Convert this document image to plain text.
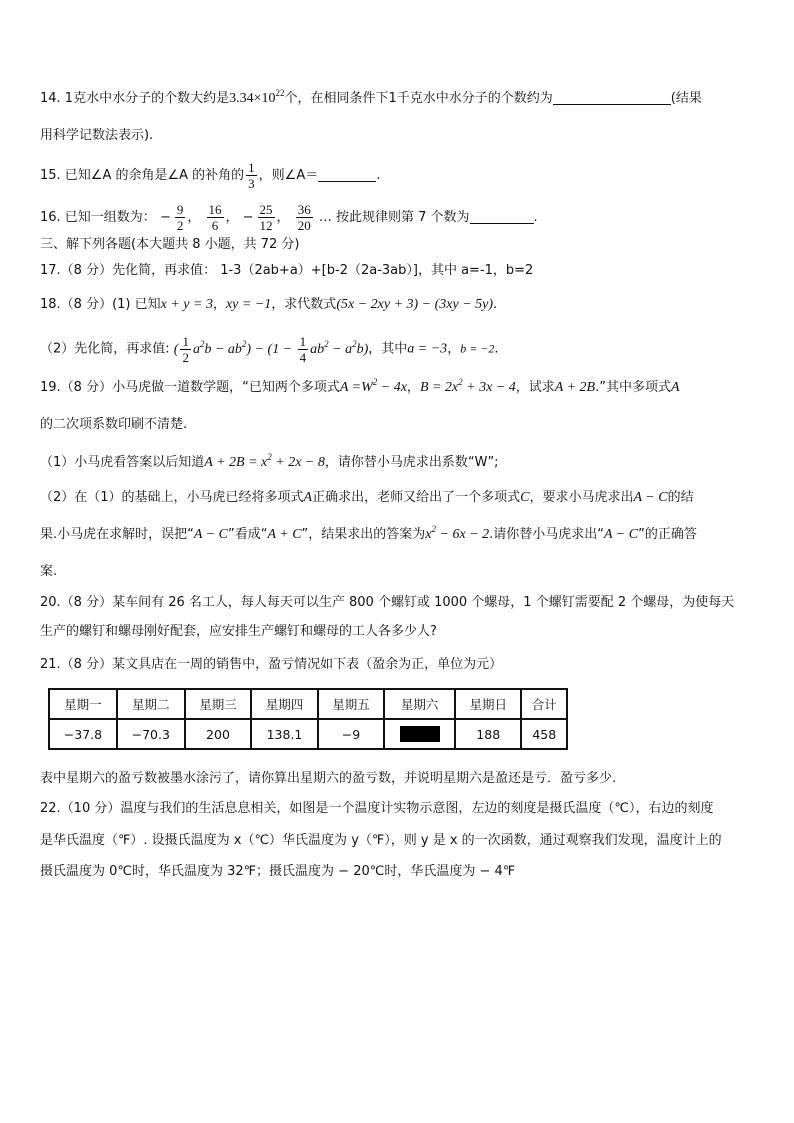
14. 1克水中水分子的个数大约是$3.34\times 10^{22}$个，在相同条件下1千克水中水分子的个数约为	(结果
用科学记数法表示).
15. 已知∠A 的余角是∠A 的补角的 $\frac{1}{3}$ ，则∠A＝	.
16. 已知一组数为： − $\frac{9}{2}$ ， $\frac{16}{6}$ ， − $\frac{25}{12}$ ， $\frac{36}{20}$ … 按此规律则第 7 个数为	.
三、解下列各题(本大题共 8 小题，共 72 分)
17.（8 分）先化简，再求值： 1-3（2ab+a）+[b-2（2a-3ab）]，其中 a=-1，b=2
18.（8 分）(1) 已知x + y = 3，xy = −1，求代数式(5x − 2xy + 3) − (3xy − 5y).
（2）先化简，再求值: ( $\frac{1}{2} a^2b - ab^2) - (1 - \frac{1}{4} ab^2 - a^2b)$，其中a = −3，b = −2.
19.（8 分）小马虎做一道数学题，“已知两个多项式$A =W^2 - 4x$，$B = 2x^2 + 3x - 4$，试求A + 2B.”其中多项式A
的二次项系数印刷不清楚.
（1）小马虎看答案以后知道$A + 2B = x^2 + 2x - 8$，请你替小马虎求出系数“W”;
（2）在（1）的基础上，小马虎已经将多项式A正确求出，老师又给出了一个多项式C，要求小马虎求出A − C的结
果.小马虎在求解时，误把“A − C”看成“A + C”，结果求出的答案为$x^2 - 6x - 2$.请你替小马虎求出“A − C”的正确答
案.
20.（8 分）某车间有 26 名工人，每人每天可以生产 800 个螺钉或 1000 个螺母，1 个螺钉需要配 2 个螺母，为使每天
生产的螺钉和螺母刚好配套，应安排生产螺钉和螺母的工人各多少人?
21.（8 分）某文具店在一周的销售中，盈亏情况如下表（盈余为正，单位为元）
星期一	星期二	星期三	星期四	星期五	星期六	星期日	合计
−37.8	−70.3	200	138.1	−9		188	458
表中星期六的盈亏数被墨水涂污了，请你算出星期六的盈亏数，并说明星期六是盈还是亏．盈亏多少.
22.（10 分）温度与我们的生活息息相关，如图是一个温度计实物示意图，左边的刻度是摄氏温度（℃），右边的刻度
是华氏温度（℉）. 设摄氏温度为 x（℃）华氏温度为 y（℉），则 y 是 x 的一次函数，通过观察我们发现，温度计上的
摄氏温度为 0℃时，华氏温度为 32℉；摄氏温度为 − 20℃时，华氏温度为 − 4℉
